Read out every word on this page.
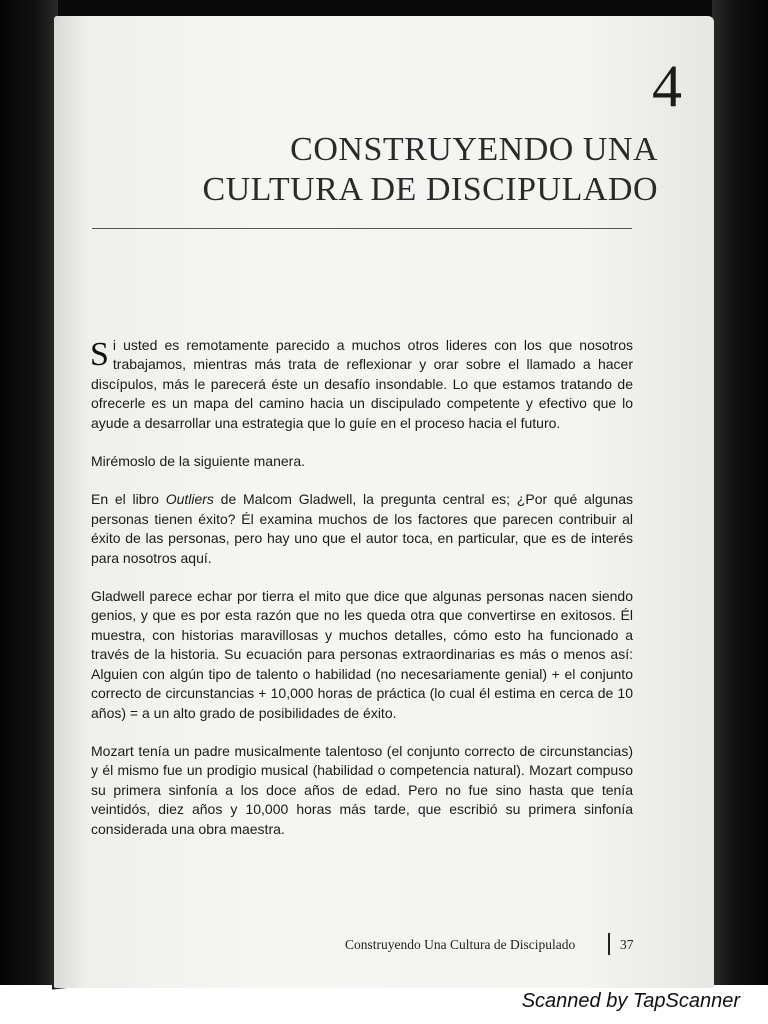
4
CONSTRUYENDO UNA
CULTURA DE DISCIPULADO

Si usted es remotamente parecido a muchos otros lideres con los que nosotros trabajamos, mientras más trata de reflexionar y orar sobre el llamado a hacer discípulos, más le parecerá éste un desafío insondable. Lo que estamos tratando de ofrecerle es un mapa del camino hacia un discipulado competente y efectivo que lo ayude a desarrollar una estrategia que lo guíe en el proceso hacia el futuro.

Mirémoslo de la siguiente manera.

En el libro Outliers de Malcom Gladwell, la pregunta central es; ¿Por qué algunas personas tienen éxito? Él examina muchos de los factores que parecen contribuir al éxito de las personas, pero hay uno que el autor toca, en particular, que es de interés para nosotros aquí.

Gladwell parece echar por tierra el mito que dice que algunas personas nacen siendo genios, y que es por esta razón que no les queda otra que convertirse en exitosos. Él muestra, con historias maravillosas y muchos detalles, cómo esto ha funcionado a través de la historia. Su ecuación para personas extraordinarias es más o menos así: Alguien con algún tipo de talento o habilidad (no necesariamente genial) + el conjunto correcto de circunstancias + 10,000 horas de práctica (lo cual él estima en cerca de 10 años) = a un alto grado de posibilidades de éxito.

Mozart tenía un padre musicalmente talentoso (el conjunto correcto de circunstancias) y él mismo fue un prodigio musical (habilidad o competencia natural). Mozart compuso su primera sinfonía a los doce años de edad. Pero no fue sino hasta que tenía veintidós, diez años y 10,000 horas más tarde, que escribió su primera sinfonía considerada una obra maestra.

Construyendo Una Cultura de Discipulado	37
Scanned by TapScanner
